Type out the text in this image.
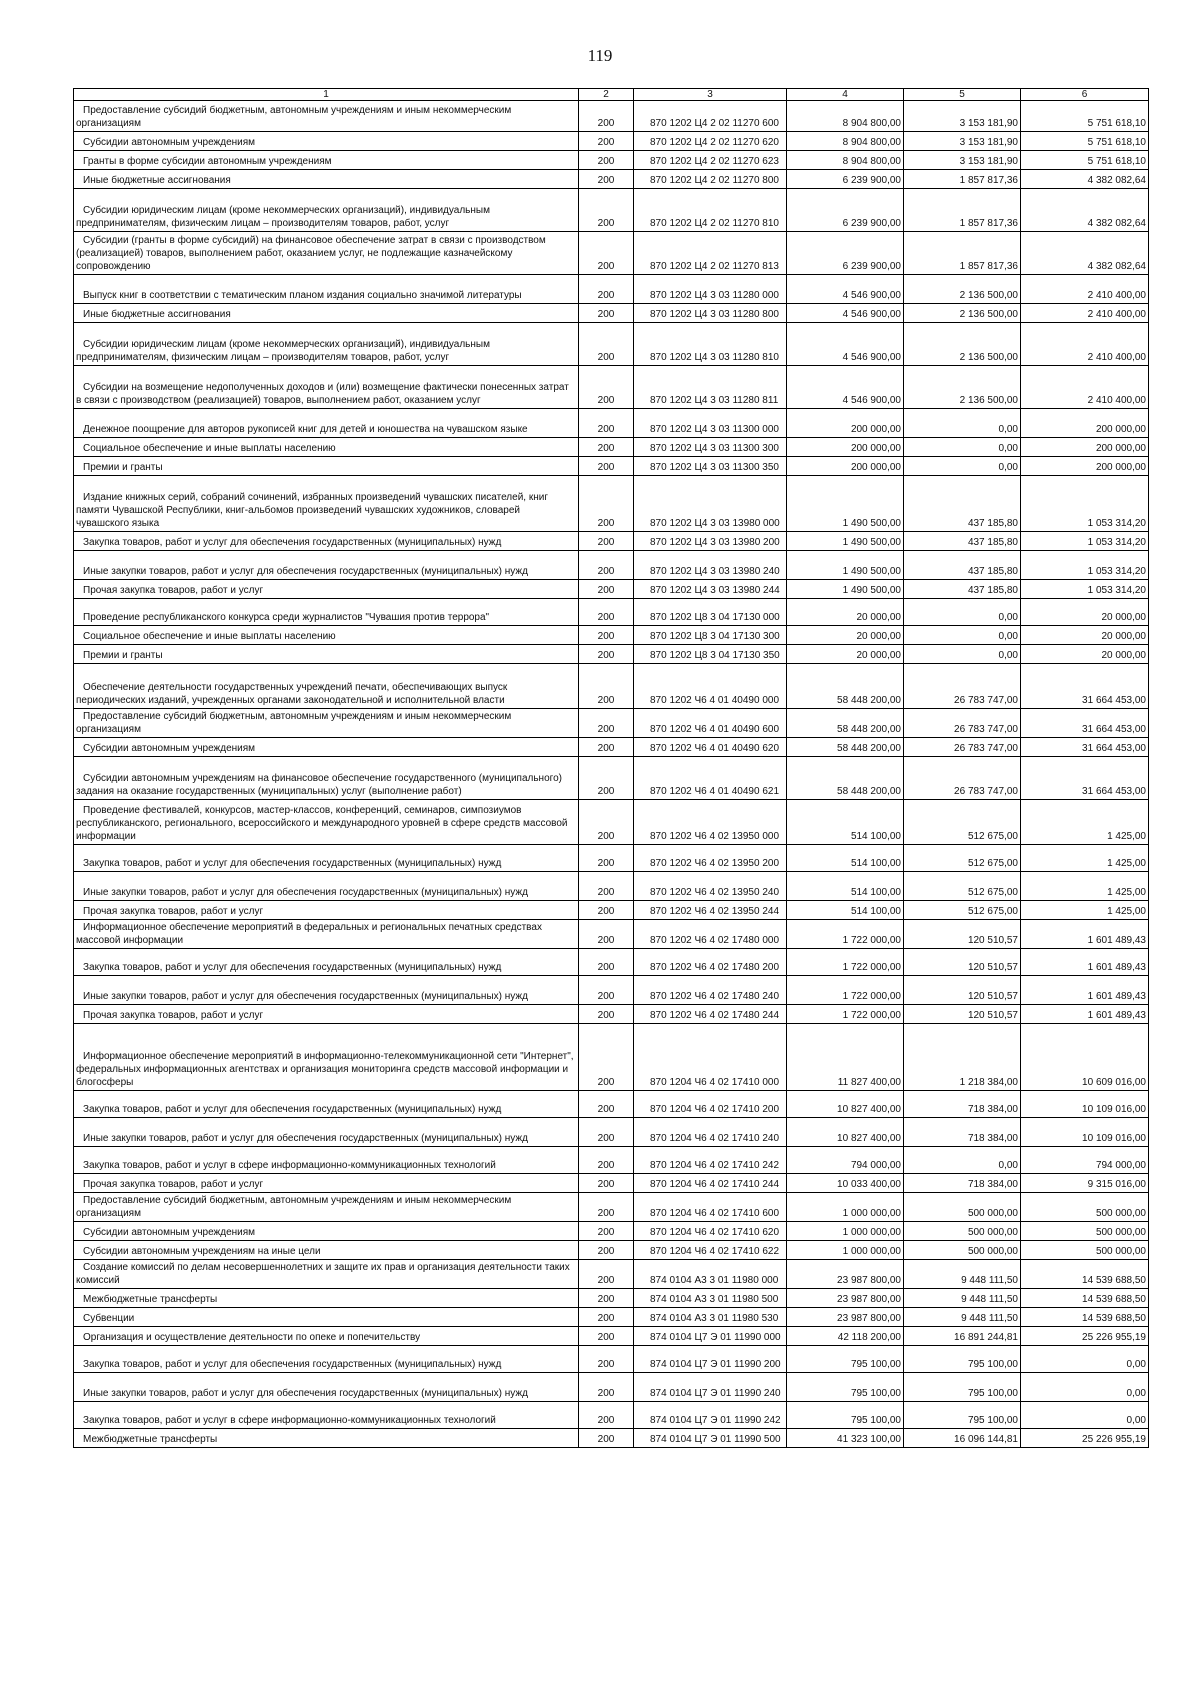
119
1	2	3	4	5	6

Предоставление субсидий бюджетным, автономным учреждениям и иным некоммерческим организациям	200	870 1202 Ц4 2 02 11270 600	8 904 800,00	3 153 181,90	5 751 618,10

Субсидии автономным учреждениям	200	870 1202 Ц4 2 02 11270 620	8 904 800,00	3 153 181,90	5 751 618,10

Гранты в форме субсидии автономным учреждениям	200	870 1202 Ц4 2 02 11270 623	8 904 800,00	3 153 181,90	5 751 618,10

Иные бюджетные ассигнования	200	870 1202 Ц4 2 02 11270 800	6 239 900,00	1 857 817,36	4 382 082,64

Субсидии юридическим лицам (кроме некоммерческих организаций), индивидуальным предпринимателям, физическим лицам – производителям товаров, работ, услуг	200	870 1202 Ц4 2 02 11270 810	6 239 900,00	1 857 817,36	4 382 082,64

Субсидии (гранты в форме субсидий) на финансовое обеспечение затрат в связи с производством (реализацией) товаров, выполнением работ, оказанием услуг, не подлежащие казначейскому сопровождению	200	870 1202 Ц4 2 02 11270 813	6 239 900,00	1 857 817,36	4 382 082,64

Выпуск книг в соответствии с тематическим планом издания социально значимой литературы	200	870 1202 Ц4 3 03 11280 000	4 546 900,00	2 136 500,00	2 410 400,00

Иные бюджетные ассигнования	200	870 1202 Ц4 3 03 11280 800	4 546 900,00	2 136 500,00	2 410 400,00

Субсидии юридическим лицам (кроме некоммерческих организаций), индивидуальным предпринимателям, физическим лицам – производителям товаров, работ, услуг	200	870 1202 Ц4 3 03 11280 810	4 546 900,00	2 136 500,00	2 410 400,00

Субсидии на возмещение недополученных доходов и (или) возмещение фактически понесенных затрат в связи с производством (реализацией) товаров, выполнением работ, оказанием услуг	200	870 1202 Ц4 3 03 11280 811	4 546 900,00	2 136 500,00	2 410 400,00

Денежное поощрение для авторов рукописей книг для детей и юношества на чувашском языке	200	870 1202 Ц4 3 03 11300 000	200 000,00	0,00	200 000,00

Социальное обеспечение и иные выплаты населению	200	870 1202 Ц4 3 03 11300 300	200 000,00	0,00	200 000,00

Премии и гранты	200	870 1202 Ц4 3 03 11300 350	200 000,00	0,00	200 000,00

Издание книжных серий, собраний сочинений, избранных произведений чувашских писателей, книг памяти Чувашской Республики, книг-альбомов произведений чувашских художников, словарей чувашского языка	200	870 1202 Ц4 3 03 13980 000	1 490 500,00	437 185,80	1 053 314,20

Закупка товаров, работ и услуг для обеспечения государственных (муниципальных) нужд	200	870 1202 Ц4 3 03 13980 200	1 490 500,00	437 185,80	1 053 314,20

Иные закупки товаров, работ и услуг для обеспечения государственных (муниципальных) нужд	200	870 1202 Ц4 3 03 13980 240	1 490 500,00	437 185,80	1 053 314,20

Прочая закупка товаров, работ и услуг	200	870 1202 Ц4 3 03 13980 244	1 490 500,00	437 185,80	1 053 314,20

Проведение республиканского конкурса среди журналистов "Чувашия против террора"	200	870 1202 Ц8 3 04 17130 000	20 000,00	0,00	20 000,00

Социальное обеспечение и иные выплаты населению	200	870 1202 Ц8 3 04 17130 300	20 000,00	0,00	20 000,00

Премии и гранты	200	870 1202 Ц8 3 04 17130 350	20 000,00	0,00	20 000,00

Обеспечение деятельности государственных учреждений печати, обеспечивающих выпуск периодических изданий, учрежденных органами законодательной и исполнительной власти	200	870 1202 Ч6 4 01 40490 000	58 448 200,00	26 783 747,00	31 664 453,00

Предоставление субсидий бюджетным, автономным учреждениям и иным некоммерческим организациям	200	870 1202 Ч6 4 01 40490 600	58 448 200,00	26 783 747,00	31 664 453,00

Субсидии автономным учреждениям	200	870 1202 Ч6 4 01 40490 620	58 448 200,00	26 783 747,00	31 664 453,00

Субсидии автономным учреждениям на финансовое обеспечение государственного (муниципального) задания на оказание государственных (муниципальных) услуг (выполнение работ)	200	870 1202 Ч6 4 01 40490 621	58 448 200,00	26 783 747,00	31 664 453,00

Проведение фестивалей, конкурсов, мастер-классов, конференций, семинаров, симпозиумов республиканского, регионального, всероссийского и международного уровней в сфере средств массовой информации	200	870 1202 Ч6 4 02 13950 000	514 100,00	512 675,00	1 425,00

Закупка товаров, работ и услуг для обеспечения государственных (муниципальных) нужд	200	870 1202 Ч6 4 02 13950 200	514 100,00	512 675,00	1 425,00

Иные закупки товаров, работ и услуг для обеспечения государственных (муниципальных) нужд	200	870 1202 Ч6 4 02 13950 240	514 100,00	512 675,00	1 425,00

Прочая закупка товаров, работ и услуг	200	870 1202 Ч6 4 02 13950 244	514 100,00	512 675,00	1 425,00

Информационное обеспечение мероприятий в федеральных и региональных печатных средствах массовой информации	200	870 1202 Ч6 4 02 17480 000	1 722 000,00	120 510,57	1 601 489,43

Закупка товаров, работ и услуг для обеспечения государственных (муниципальных) нужд	200	870 1202 Ч6 4 02 17480 200	1 722 000,00	120 510,57	1 601 489,43

Иные закупки товаров, работ и услуг для обеспечения государственных (муниципальных) нужд	200	870 1202 Ч6 4 02 17480 240	1 722 000,00	120 510,57	1 601 489,43

Прочая закупка товаров, работ и услуг	200	870 1202 Ч6 4 02 17480 244	1 722 000,00	120 510,57	1 601 489,43

Информационное обеспечение мероприятий в информационно-телекоммуникационной сети "Интернет", федеральных информационных агентствах и организация мониторинга средств массовой информации и блогосферы	200	870 1204 Ч6 4 02 17410 000	11 827 400,00	1 218 384,00	10 609 016,00

Закупка товаров, работ и услуг для обеспечения государственных (муниципальных) нужд	200	870 1204 Ч6 4 02 17410 200	10 827 400,00	718 384,00	10 109 016,00

Иные закупки товаров, работ и услуг для обеспечения государственных (муниципальных) нужд	200	870 1204 Ч6 4 02 17410 240	10 827 400,00	718 384,00	10 109 016,00

Закупка товаров, работ и услуг в сфере информационно-коммуникационных технологий	200	870 1204 Ч6 4 02 17410 242	794 000,00	0,00	794 000,00

Прочая закупка товаров, работ и услуг	200	870 1204 Ч6 4 02 17410 244	10 033 400,00	718 384,00	9 315 016,00

Предоставление субсидий бюджетным, автономным учреждениям и иным некоммерческим организациям	200	870 1204 Ч6 4 02 17410 600	1 000 000,00	500 000,00	500 000,00

Субсидии автономным учреждениям	200	870 1204 Ч6 4 02 17410 620	1 000 000,00	500 000,00	500 000,00

Субсидии автономным учреждениям на иные цели	200	870 1204 Ч6 4 02 17410 622	1 000 000,00	500 000,00	500 000,00

Создание комиссий по делам несовершеннолетних и защите их прав и организация деятельности таких комиссий	200	874 0104 А3 3 01 11980 000	23 987 800,00	9 448 111,50	14 539 688,50

Межбюджетные трансферты	200	874 0104 А3 3 01 11980 500	23 987 800,00	9 448 111,50	14 539 688,50

Субвенции	200	874 0104 А3 3 01 11980 530	23 987 800,00	9 448 111,50	14 539 688,50

Организация и осуществление деятельности по опеке и попечительству	200	874 0104 Ц7 Э 01 11990 000	42 118 200,00	16 891 244,81	25 226 955,19

Закупка товаров, работ и услуг для обеспечения государственных (муниципальных) нужд	200	874 0104 Ц7 Э 01 11990 200	795 100,00	795 100,00	0,00

Иные закупки товаров, работ и услуг для обеспечения государственных (муниципальных) нужд	200	874 0104 Ц7 Э 01 11990 240	795 100,00	795 100,00	0,00

Закупка товаров, работ и услуг в сфере информационно-коммуникационных технологий	200	874 0104 Ц7 Э 01 11990 242	795 100,00	795 100,00	0,00

Межбюджетные трансферты	200	874 0104 Ц7 Э 01 11990 500	41 323 100,00	16 096 144,81	25 226 955,19
